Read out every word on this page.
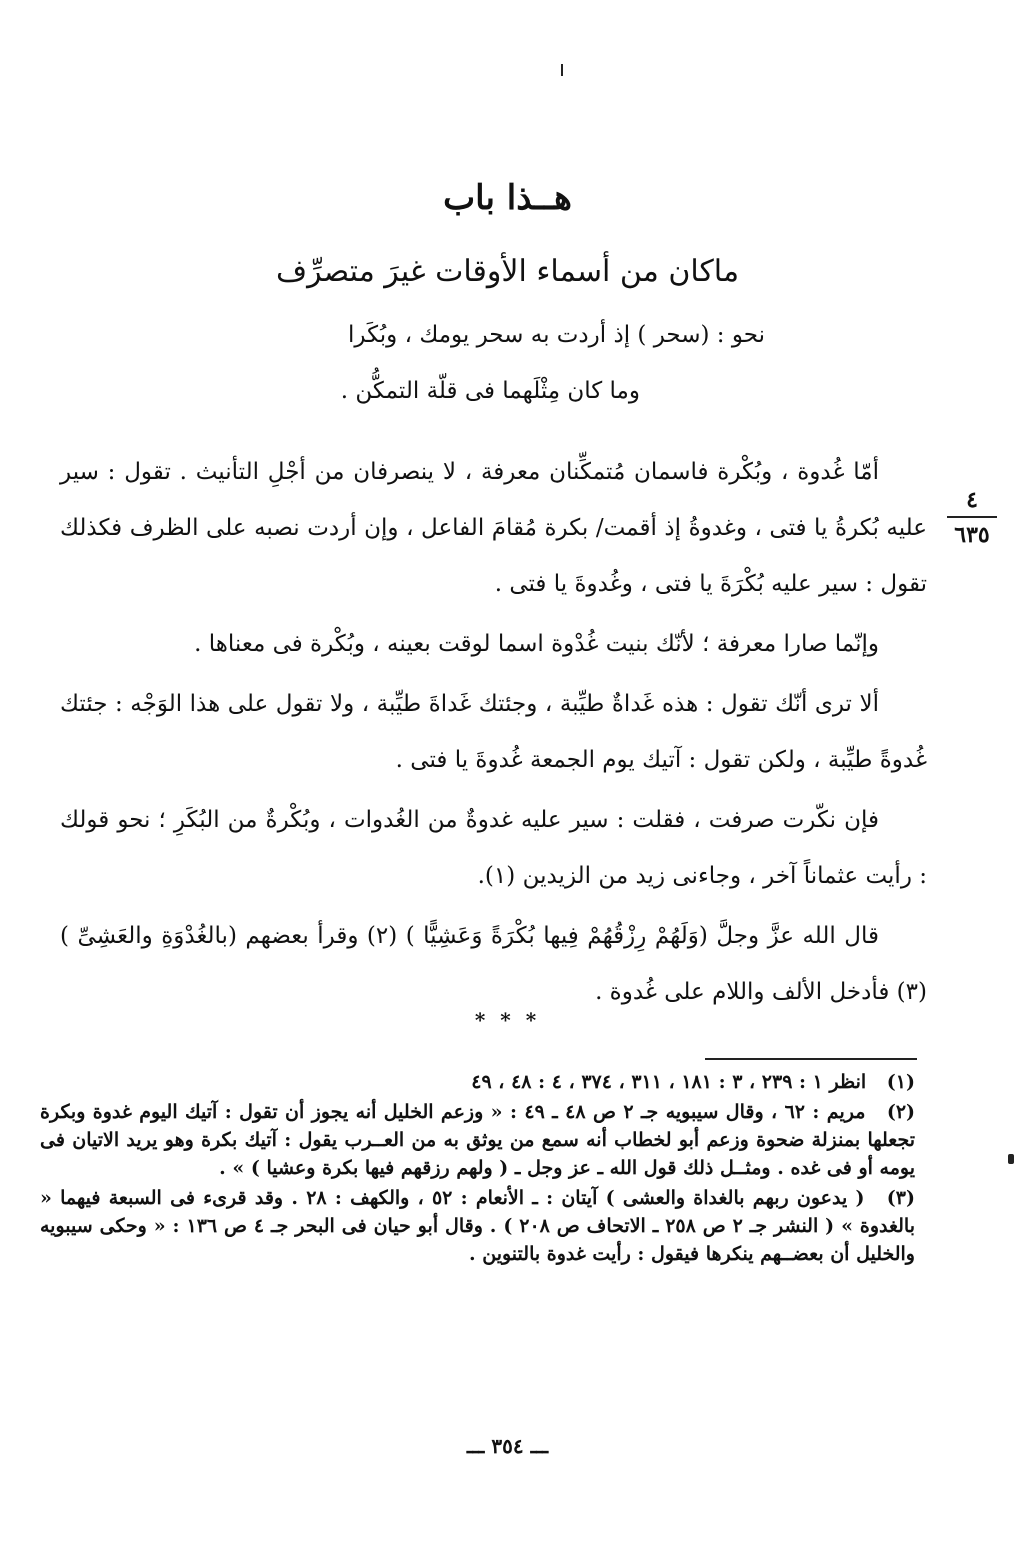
هــذا باب
ماكان من أسماء الأوقات غيرَ متصرِّف
نحو : (سحر ) إذ أردت به سحر يومك ، وبُكَرا
وما كان مِثْلَهما فى قلّة التمكُّن .
٤
٦٣٥

أمّا غُدوة ، وبُكْرة فاسمان مُتمكِّنان معرفة ، لا ينصرفان من أجْلِ التأنيث . تقول : سير عليه بُكرةُ يا فتى ، وغدوةُ إذ أقمت/ بكرة مُقامَ الفاعل ، وإن أردت نصبه على الظرف فكذلك تقول : سير عليه بُكْرَةَ يا فتى ، وغُدوةَ يا فتى .

وإنّما صارا معرفة ؛ لأنّك بنيت غُدْوة اسما لوقت بعينه ، وبُكْرة فى معناها .

ألا ترى أنّك تقول : هذه غَداةٌ طيِّبة ، وجئتك غَداةَ طيِّبة ، ولا تقول على هذا الوَجْه : جئتك غُدوةً طيِّبة ، ولكن تقول : آتيك يوم الجمعة غُدوةَ يا فتى .

فإن نكّرت صرفت ، فقلت : سير عليه غدوةٌ من الغُدوات ، وبُكْرةٌ من البُكَرِ ؛ نحو قولك : رأيت عثماناً آخر ، وجاءنى زيد من الزيدين (١).

قال الله عزَّ وجلَّ (وَلَهُمْ رِزْقُهُمْ فِيها بُكْرَةً وَعَشِيًّا ) (٢) وقرأ بعضهم (بالغُدْوَةِ والعَشِىِّ ) (٣) فأدخل الألف واللام على غُدوة .

* * *
(١) انظر ١ : ٢٣٩ ، ٣ : ١٨١ ، ٣١١ ، ٣٧٤ ، ٤ : ٤٨ ، ٤٩
(٢) مريم : ٦٢ ، وقال سيبويه جـ ٢ ص ٤٨ ـ ٤٩ : « وزعم الخليل أنه يجوز أن تقول : آتيك اليوم غدوة وبكرة تجعلها بمنزلة ضحوة وزعم أبو لخطاب أنه سمع من يوثق به من العــرب يقول : آتيك بكرة وهو يريد الاتيان فى يومه أو فى غده . ومثــل ذلك قول الله ـ عز وجل ـ ( ولهم رزقهم فيها بكرة وعشيا ) » .
(٣) ( يدعون ربهم بالغداة والعشى ) آيتان : ـ الأنعام : ٥٢ ، والكهف : ٢٨ . وقد قرىء فى السبعة فيهما « بالغدوة » ( النشر جـ ٢ ص ٢٥٨ ـ الاتحاف ص ٢٠٨ ) . وقال أبو حيان فى البحر جـ ٤ ص ١٣٦ : « وحكى سيبويه والخليل أن بعضــهم ينكرها فيقول : رأيت غدوة بالتنوين .
ـــ ٣٥٤ ـــ
